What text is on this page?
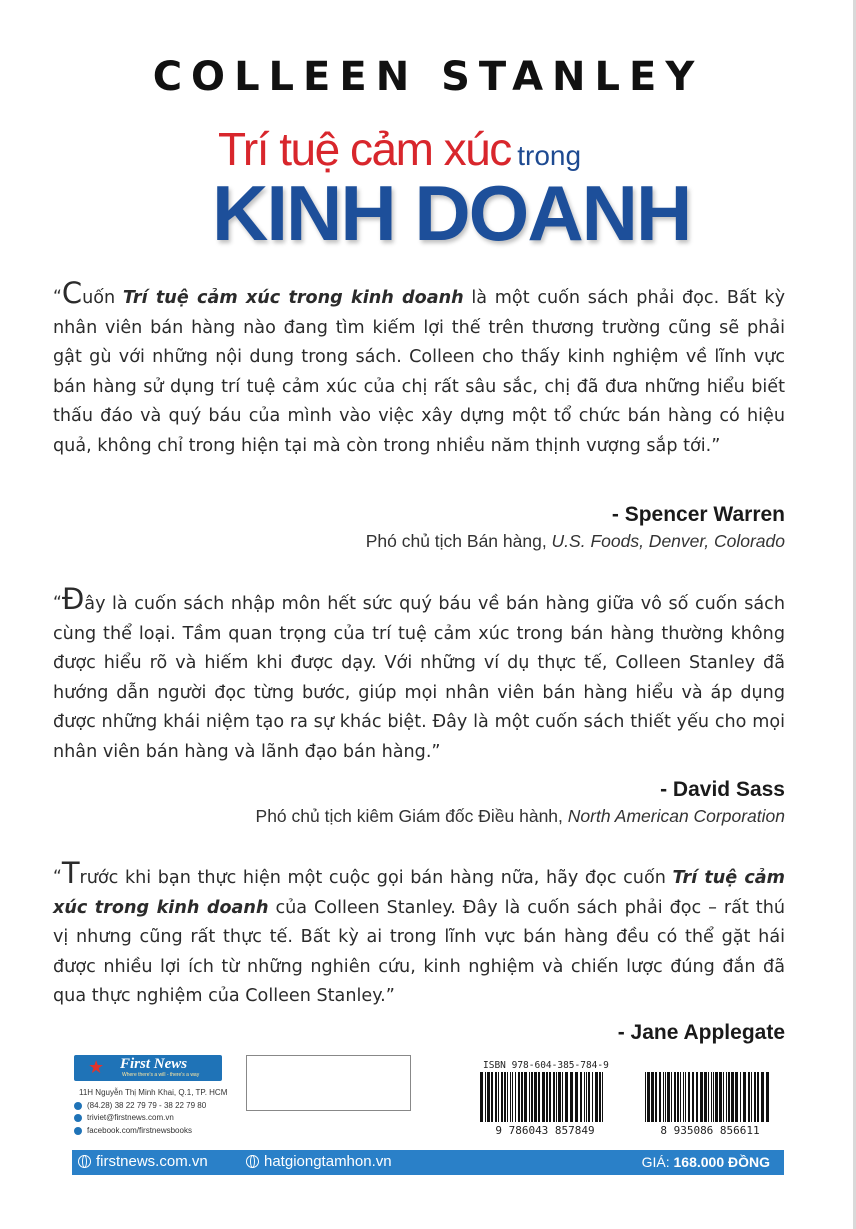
COLLEEN STANLEY
Trí tuệ cảm xúc trong
KINH DOANH
“Cuốn Trí tuệ cảm xúc trong kinh doanh là một cuốn sách phải đọc. Bất kỳ nhân viên bán hàng nào đang tìm kiếm lợi thế trên thương trường cũng sẽ phải gật gù với những nội dung trong sách. Colleen cho thấy kinh nghiệm về lĩnh vực bán hàng sử dụng trí tuệ cảm xúc của chị rất sâu sắc, chị đã đưa những hiểu biết thấu đáo và quý báu của mình vào việc xây dựng một tổ chức bán hàng có hiệu quả, không chỉ trong hiện tại mà còn trong nhiều năm thịnh vượng sắp tới.”
- Spencer Warren
Phó chủ tịch Bán hàng, U.S. Foods, Denver, Colorado
“Đây là cuốn sách nhập môn hết sức quý báu về bán hàng giữa vô số cuốn sách cùng thể loại. Tầm quan trọng của trí tuệ cảm xúc trong bán hàng thường không được hiểu rõ và hiếm khi được dạy. Với những ví dụ thực tế, Colleen Stanley đã hướng dẫn người đọc từng bước, giúp mọi nhân viên bán hàng hiểu và áp dụng được những khái niệm tạo ra sự khác biệt. Đây là một cuốn sách thiết yếu cho mọi nhân viên bán hàng và lãnh đạo bán hàng.”
- David Sass
Phó chủ tịch kiêm Giám đốc Điều hành, North American Corporation
“Trước khi bạn thực hiện một cuộc gọi bán hàng nữa, hãy đọc cuốn Trí tuệ cảm xúc trong kinh doanh của Colleen Stanley. Đây là cuốn sách phải đọc – rất thú vị nhưng cũng rất thực tế. Bất kỳ ai trong lĩnh vực bán hàng đều có thể gặt hái được nhiều lợi ích từ những nghiên cứu, kinh nghiệm và chiến lược đúng đắn đã qua thực nghiệm của Colleen Stanley.”
- Jane Applegate
★ First News
Where there's a will - there's a way
11H Nguyễn Thị Minh Khai, Q.1, TP. HCM
(84.28) 38 22 79 79 - 38 22 79 80
triviet@firstnews.com.vn
facebook.com/firstnewsbooks
ISBN 978-604-385-784-9
9 786043 857849	8 935086 856611
firstnews.com.vn	hatgiongtamhon.vn	GIÁ: 168.000 ĐỒNG
